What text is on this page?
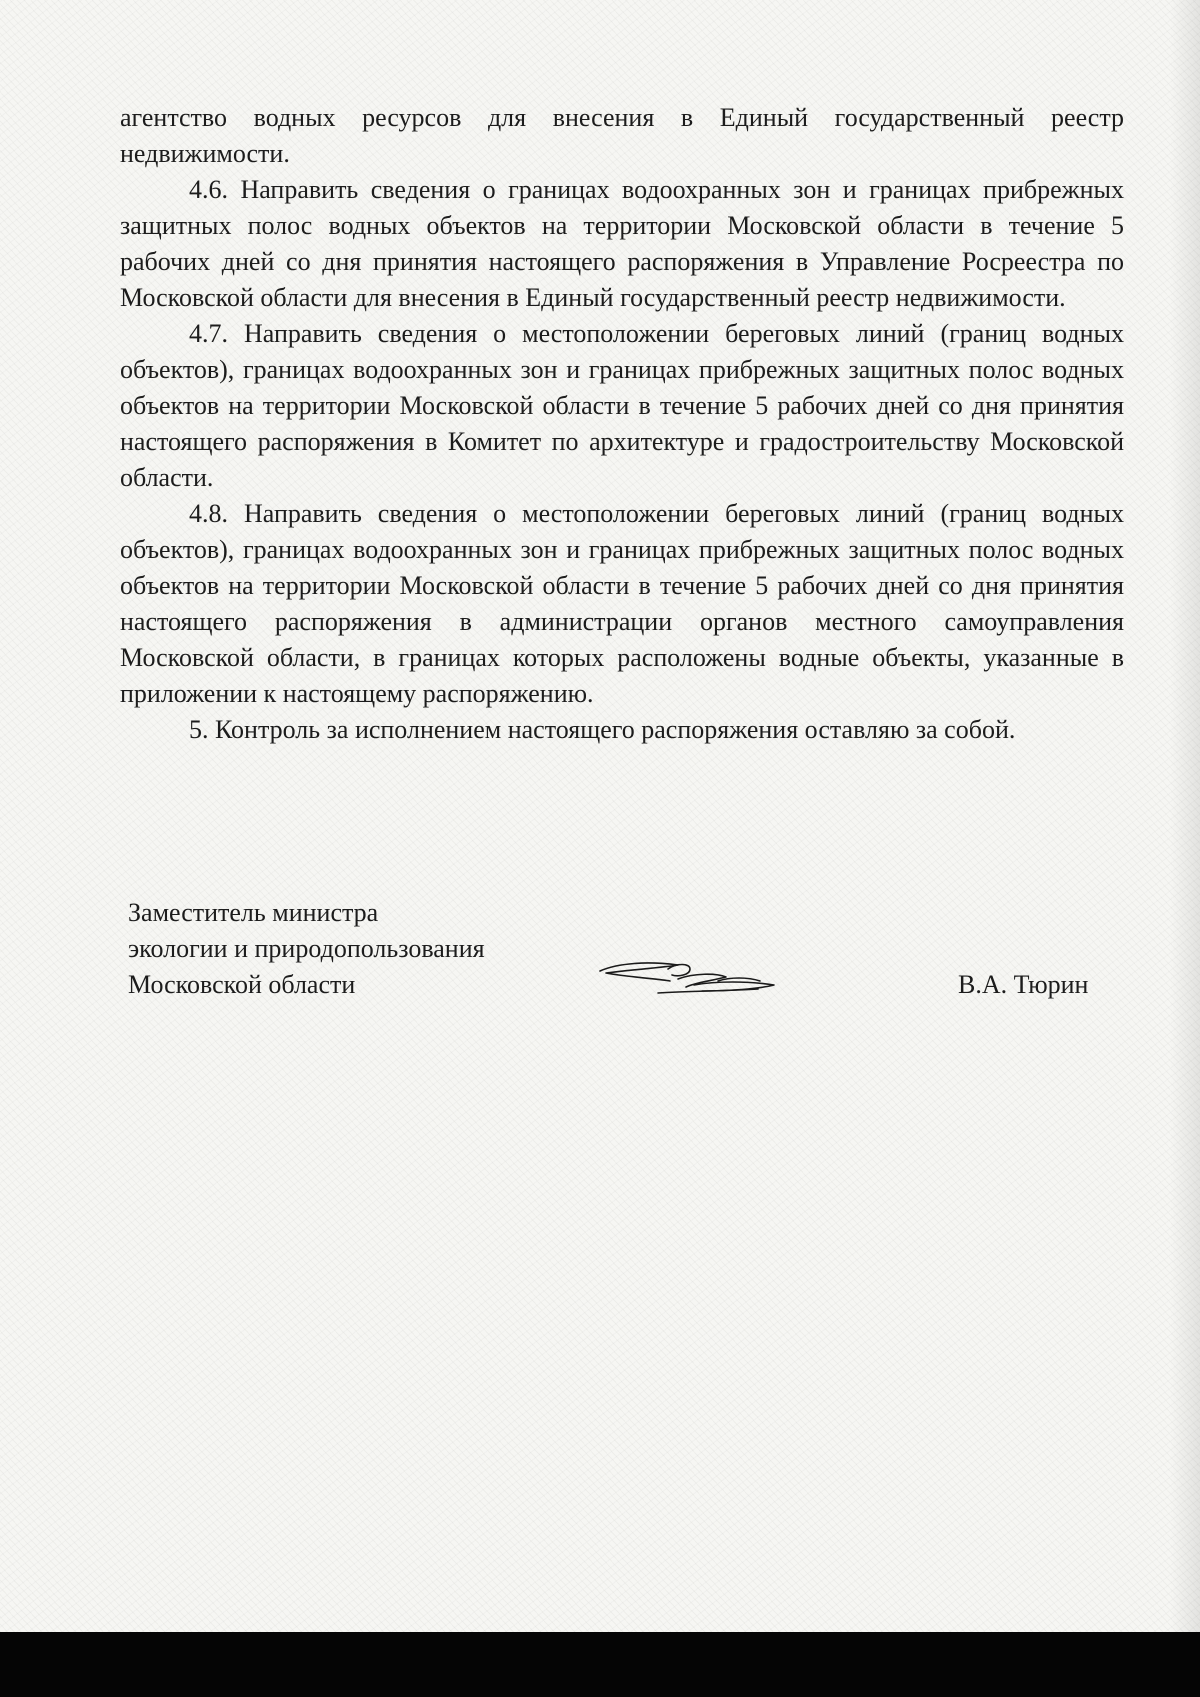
агентство водных ресурсов для внесения в Единый государственный реестр недвижимости.

4.6. Направить сведения о границах водоохранных зон и границах прибрежных защитных полос водных объектов на территории Московской области в течение 5 рабочих дней со дня принятия настоящего распоряжения в Управление Росреестра по Московской области для внесения в Единый государственный реестр недвижимости.

4.7. Направить сведения о местоположении береговых линий (границ водных объектов), границах водоохранных зон и границах прибрежных защитных полос водных объектов на территории Московской области в течение 5 рабочих дней со дня принятия настоящего распоряжения в Комитет по архитектуре и градостроительству Московской области.

4.8. Направить сведения о местоположении береговых линий (границ водных объектов), границах водоохранных зон и границах прибрежных защитных полос водных объектов на территории Московской области в течение 5 рабочих дней со дня принятия настоящего распоряжения в администрации органов местного самоуправления Московской области, в границах которых расположены водные объекты, указанные в приложении к настоящему распоряжению.

5. Контроль за исполнением настоящего распоряжения оставляю за собой.

Заместитель министра
экологии и природопользования
Московской области	В.А. Тюрин
